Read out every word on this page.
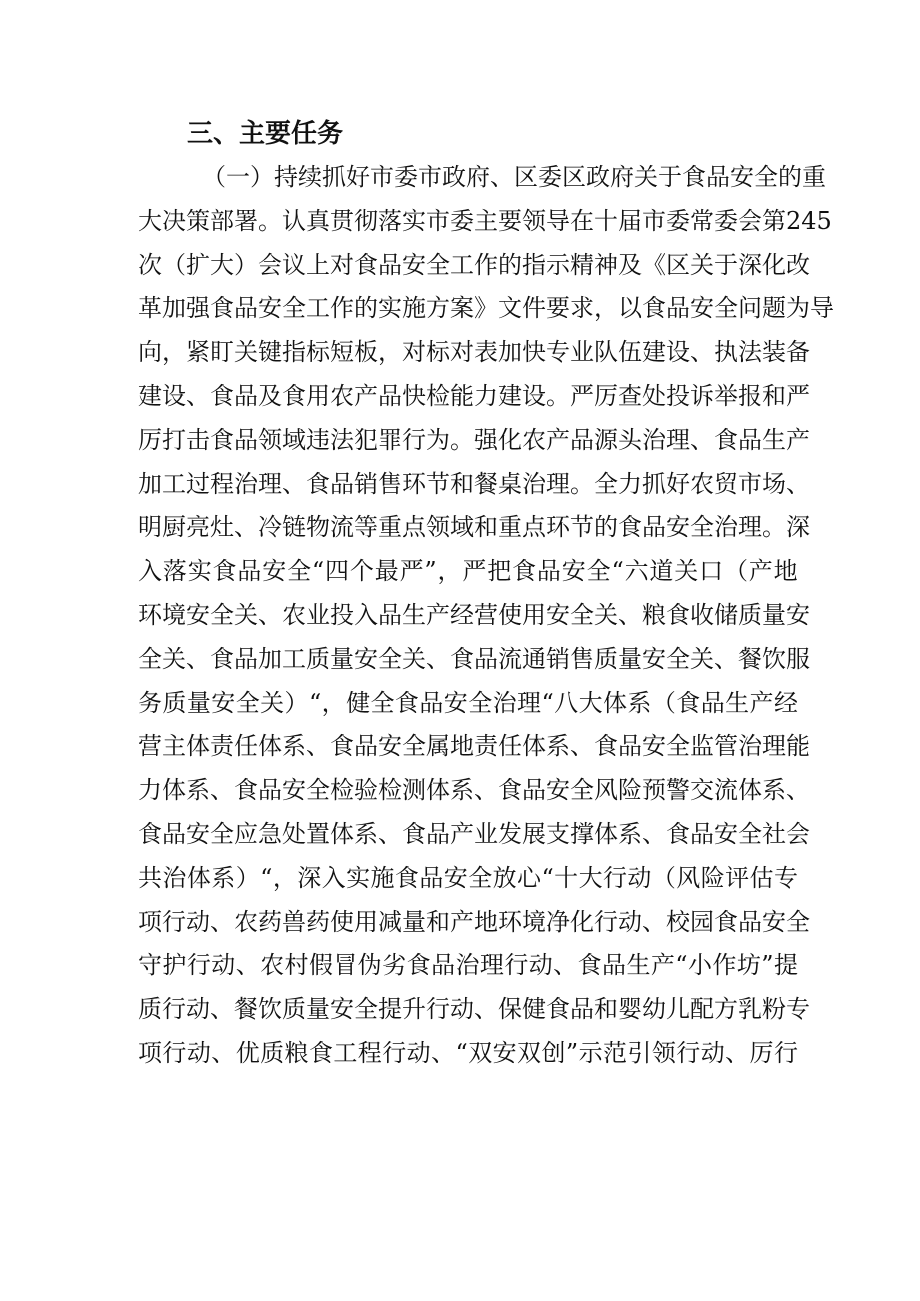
三、主要任务
（ 一 ） 持 续 抓 好 市 委 市 政 府 、 区 委 区 政 府 关 于 食 品 安 全 的 重
大 决 策 部 署 。 认 真 贯 彻 落 实 市 委 主 要 领 导 在 十 届 市 委 常 委 会 第 245
次 （ 扩 大 ） 会 议 上 对 食 品 安 全 工 作 的 指 示 精 神 及 《 区 关 于 深 化 改
革 加 强 食 品 安 全 工 作 的 实 施 方 案 》 文 件 要 求 ， 以 食 品 安 全 问 题 为 导
向 ， 紧 盯 关 键 指 标 短 板 ， 对 标 对 表 加 快 专 业 队 伍 建 设 、 执 法 装 备
建 设 、 食 品 及 食 用 农 产 品 快 检 能 力 建 设 。 严 厉 查 处 投 诉 举 报 和 严
厉 打 击 食 品 领 域 违 法 犯 罪 行 为 。 强 化 农 产 品 源 头 治 理 、 食 品 生 产
加 工 过 程 治 理 、 食 品 销 售 环 节 和 餐 桌 治 理 。 全 力 抓 好 农 贸 市 场 、
明 厨 亮 灶 、 冷 链 物 流 等 重 点 领 域 和 重 点 环 节 的 食 品 安 全 治 理 。 深
入 落 实 食 品 安 全 “ 四 个 最 严 ” ， 严 把 食 品 安 全 “ 六 道 关 口 （ 产 地
环 境 安 全 关 、 农 业 投 入 品 生 产 经 营 使 用 安 全 关 、 粮 食 收 储 质 量 安
全 关 、 食 品 加 工 质 量 安 全 关 、 食 品 流 通 销 售 质 量 安 全 关 、 餐 饮 服
务 质 量 安 全 关 ） “ ， 健 全 食 品 安 全 治 理 “ 八 大 体 系 （ 食 品 生 产 经
营 主 体 责 任 体 系 、 食 品 安 全 属 地 责 任 体 系 、 食 品 安 全 监 管 治 理 能
力 体 系 、 食 品 安 全 检 验 检 测 体 系 、 食 品 安 全 风 险 预 警 交 流 体 系 、
食 品 安 全 应 急 处 置 体 系 、 食 品 产 业 发 展 支 撑 体 系 、 食 品 安 全 社 会
共 治 体 系 ） “ ， 深 入 实 施 食 品 安 全 放 心 “ 十 大 行 动 （ 风 险 评 估 专
项 行 动 、 农 药 兽 药 使 用 减 量 和 产 地 环 境 净 化 行 动 、 校 园 食 品 安 全
守 护 行 动 、 农 村 假 冒 伪 劣 食 品 治 理 行 动 、 食 品 生 产 “ 小 作 坊 ” 提
质 行 动 、 餐 饮 质 量 安 全 提 升 行 动 、 保 健 食 品 和 婴 幼 儿 配 方 乳 粉 专
项 行 动 、 优 质 粮 食 工 程 行 动 、 “ 双 安 双 创 ” 示 范 引 领 行 动 、 厉 行
